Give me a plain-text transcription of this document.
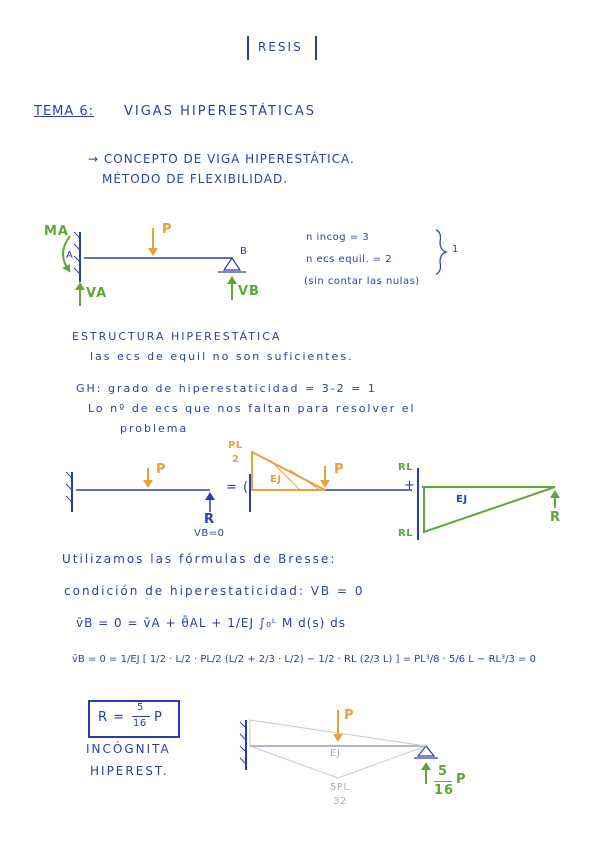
RESIS
TEMA 6: VIGAS HIPERESTÁTICAS
→ CONCEPTO DE VIGA HIPERESTÁTICA.
MÉTODO DE FLEXIBILIDAD.
MA
A
P
B
VA	VB
n incog = 3
n ecs equil. = 2
1
(sin contar las nulas)
ESTRUCTURA HIPERESTÁTICA
las ecs de equil no son suficientes.
GH: grado de hiperestaticidad = 3-2 = 1
Lo nº de ecs que nos faltan para resolver el
problema
P
R
VB=0
= (
PL
2
P
EJ	+
RL
RL
EJ
R
Utilizamos las fórmulas de Bresse:
condición de hiperestaticidad: VB = 0
v̄B = 0 = v̄A + θ̄AL + 1/EJ ∫₀ᴸ M d(s) ds
v̄B = 0 = 1/EJ [ 1/2 · L/2 · PL/2 (L/2 + 2/3 · L/2) − 1/2 · RL (2/3 L) ] = PL³/8 · 5/6 L − RL³/3 = 0
R =
5
16 P
INCÓGNITA
HIPEREST.
P
EJ
5PL
32
5
16
P
